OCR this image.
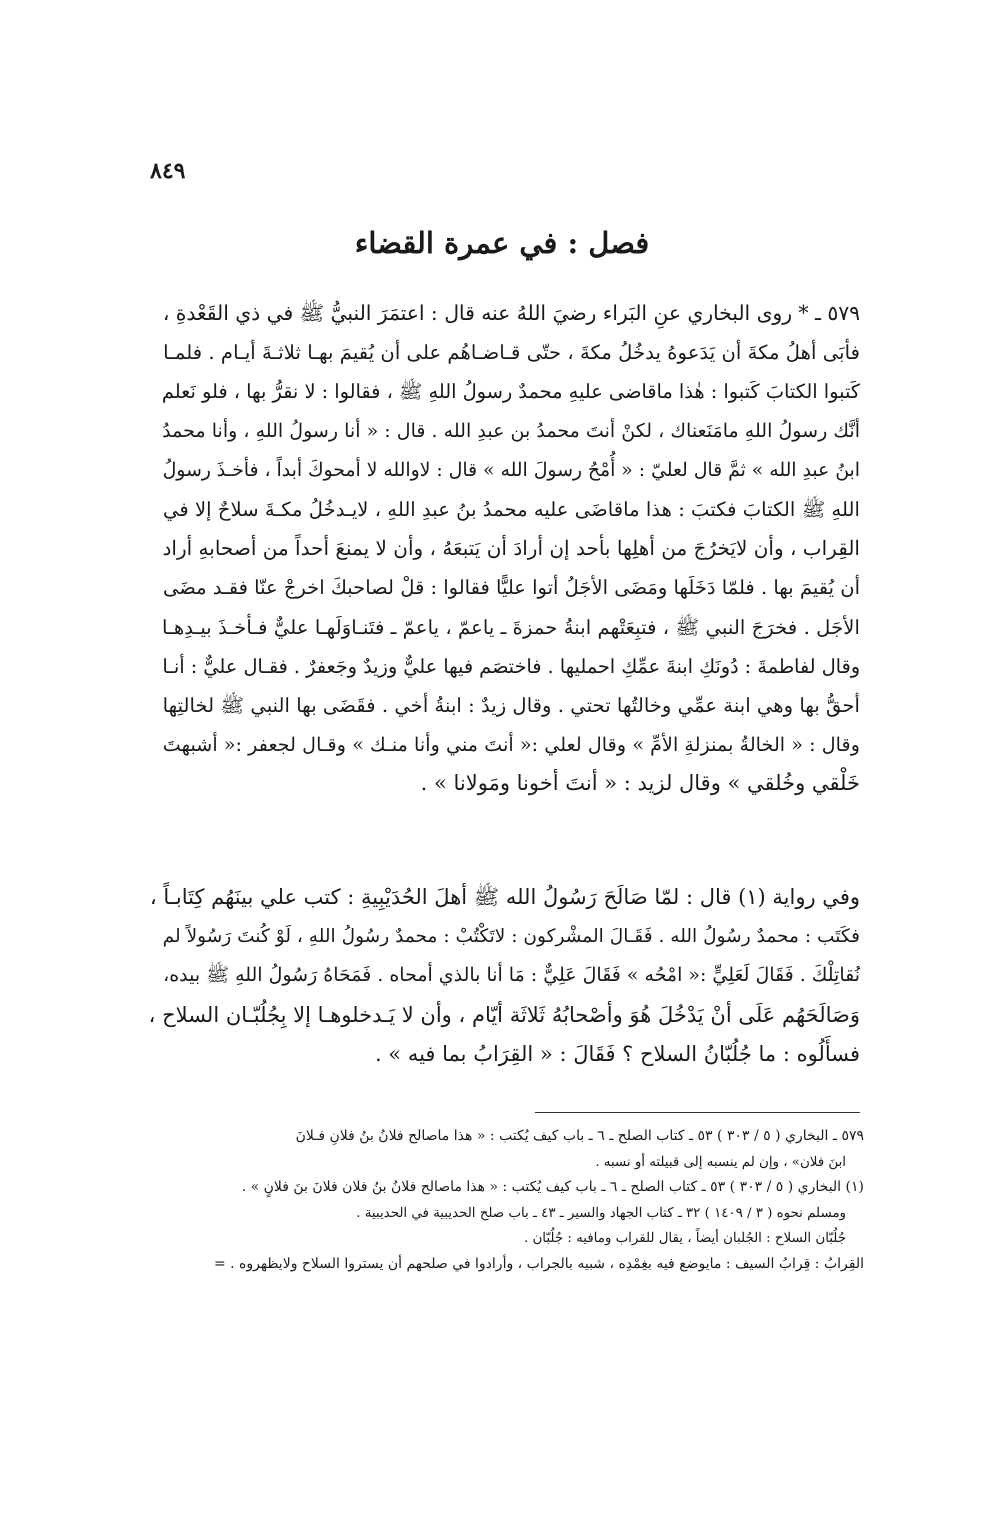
٨٤٩
فصل : في عمرة القضاء
٥٧٩ ـ * روى البخاري عنِ البَراء رضيَ اللهُ عنه قال : اعتمَرَ النبيُّ ﷺ في ذي القَعْدةِ ،
فأبَى أهلُ مكةَ أن يَدَعوهُ يدخُلُ مكةَ ، حتّى قـاضـاهُم على أن يُقيمَ بهـا ثلاثـةَ أيـام . فلمـا
كَتبوا الكتابَ كَتبوا : هٰذا ماقاضى عليهِ محمدٌ رسولُ اللهِ ﷺ ، فقالوا : لا نقرُّ بها ، فلو نَعلم
أنَّك رسولُ اللهِ مامَنَعناك ، لكنْ أنتَ محمدُ بن عبدِ الله . قال : « أنا رسولُ اللهِ ، وأنا محمدُ
ابنُ عبدِ الله » ثمَّ قال لعليّ : « أُمْحُ رسولَ الله » قال : لاوالله لا أمحوكَ أبداً ، فأخـذَ رسولُ
اللهِ ﷺ الكتابَ فكتبَ : هذا ماقاضَى عليه محمدُ بنُ عبدِ اللهِ ، لايـدخُلُ مكـةَ سلاحٌ إلا في
القِراب ، وأن لايَخرُجَ من أهلِها بأحد إن أرادَ أن يَتبعَهُ ، وأن لا يمنعَ أحداً من أصحابهِ أراد
أن يُقيمَ بها . فلمّا دَخَلَها ومَضَى الأجَلُ أتوا عليًّا فقالوا : قلْ لصاحبكَ اخرجْ عنّا فقـد مضَى
الأجَل . فخرَجَ النبي ﷺ ، فتبِعَتْهم ابنةُ حمزةَ ـ ياعمّ ، ياعمّ ـ فتَنـاوَلَهـا عليٌّ فـأخـذَ بيـدِهـا
وقال لفاطمةَ : دُونَكِ ابنةَ عمِّكِ احمليها . فاختصَم فيها عليٌّ وزيدٌ وجَعفرٌ . فقـال عليٌّ : أنـا
أحقُّ بها وهي ابنة عمِّي وخالتُها تحتي . وقال زيدٌ : ابنةُ أخي . فقَضَى بها النبي ﷺ لخالتِها
وقال : « الخالةُ بمنزلةِ الأمِّ » وقال لعلي :« أنتَ مني وأنا منـك » وقـال لجعفر :« أشبهتَ
خَلْقي وخُلقي » وقال لزيد : « أنتَ أخونا ومَولانا » .
وفي رواية (١) قال : لمّا صَالَحَ رَسُولُ الله ﷺ أهلَ الحُدَيْبِيةِ : كتب علي بينَهُم كِتَابـاً ،
فكَتَب : محمدٌ رسُولُ الله . فَقَـالَ المشْركون : لاتَكْتُبْ : محمدٌ رسُولُ اللهِ ، لَوْ كُنتَ رَسُولاً لم
نُقاتِلْكَ . فَقَالَ لَعَلِيٍّ :« امْحُه » فَقَالَ عَلِيٌّ : مَا أنا بالذي أمحاه . فَمَحَاهُ رَسُولُ اللهِ ﷺ بيده،
وَصَالَحَهُم عَلَى أنْ يَدْخُلَ هُوَ وأصْحابُهُ ثَلاثَة أيّام ، وأن لا يَـدخلوهـا إلا بِجُلُبّـان السلاح ،
فسأَلُوه : ما جُلُبّانُ السلاح ؟ فَقَالَ : « القِرَابُ بما فيه » .
٥٧٩ ـ البخاري ( ٥ / ٣٠٣ ) ٥٣ ـ كتاب الصلح ـ ٦ ـ باب كيف يُكتب : « هذا ماصالح فلانُ بنُ فلانِ فـلانَ
ابنَ فلان» ، وإن لم ينسبه إلى قبيلته أو نسبه .
(١) البخاري ( ٥ / ٣٠٣ ) ٥٣ ـ كتاب الصلح ـ ٦ ـ باب كيف يُكتب : « هذا ماصالح فلانُ بنُ فلان فلانَ بنَ فلانٍ » .
ومسلم نحوه ( ٣ / ١٤٠٩ ) ٣٢ ـ كتاب الجهاد والسير ـ ٤٣ ـ باب صلح الحديبية في الحديبية .
جُلُبّان السلاح : الجُلبان أيضاً ، يقال للقراب ومافيه : جُلُبّان .
القِرابُ : قِرابُ السيف : مايوضع فيه بغِمْدِه ، شبيه بالجراب ، وأرادوا في صلحهم أن يستروا السلاح ولايظهروه . =
